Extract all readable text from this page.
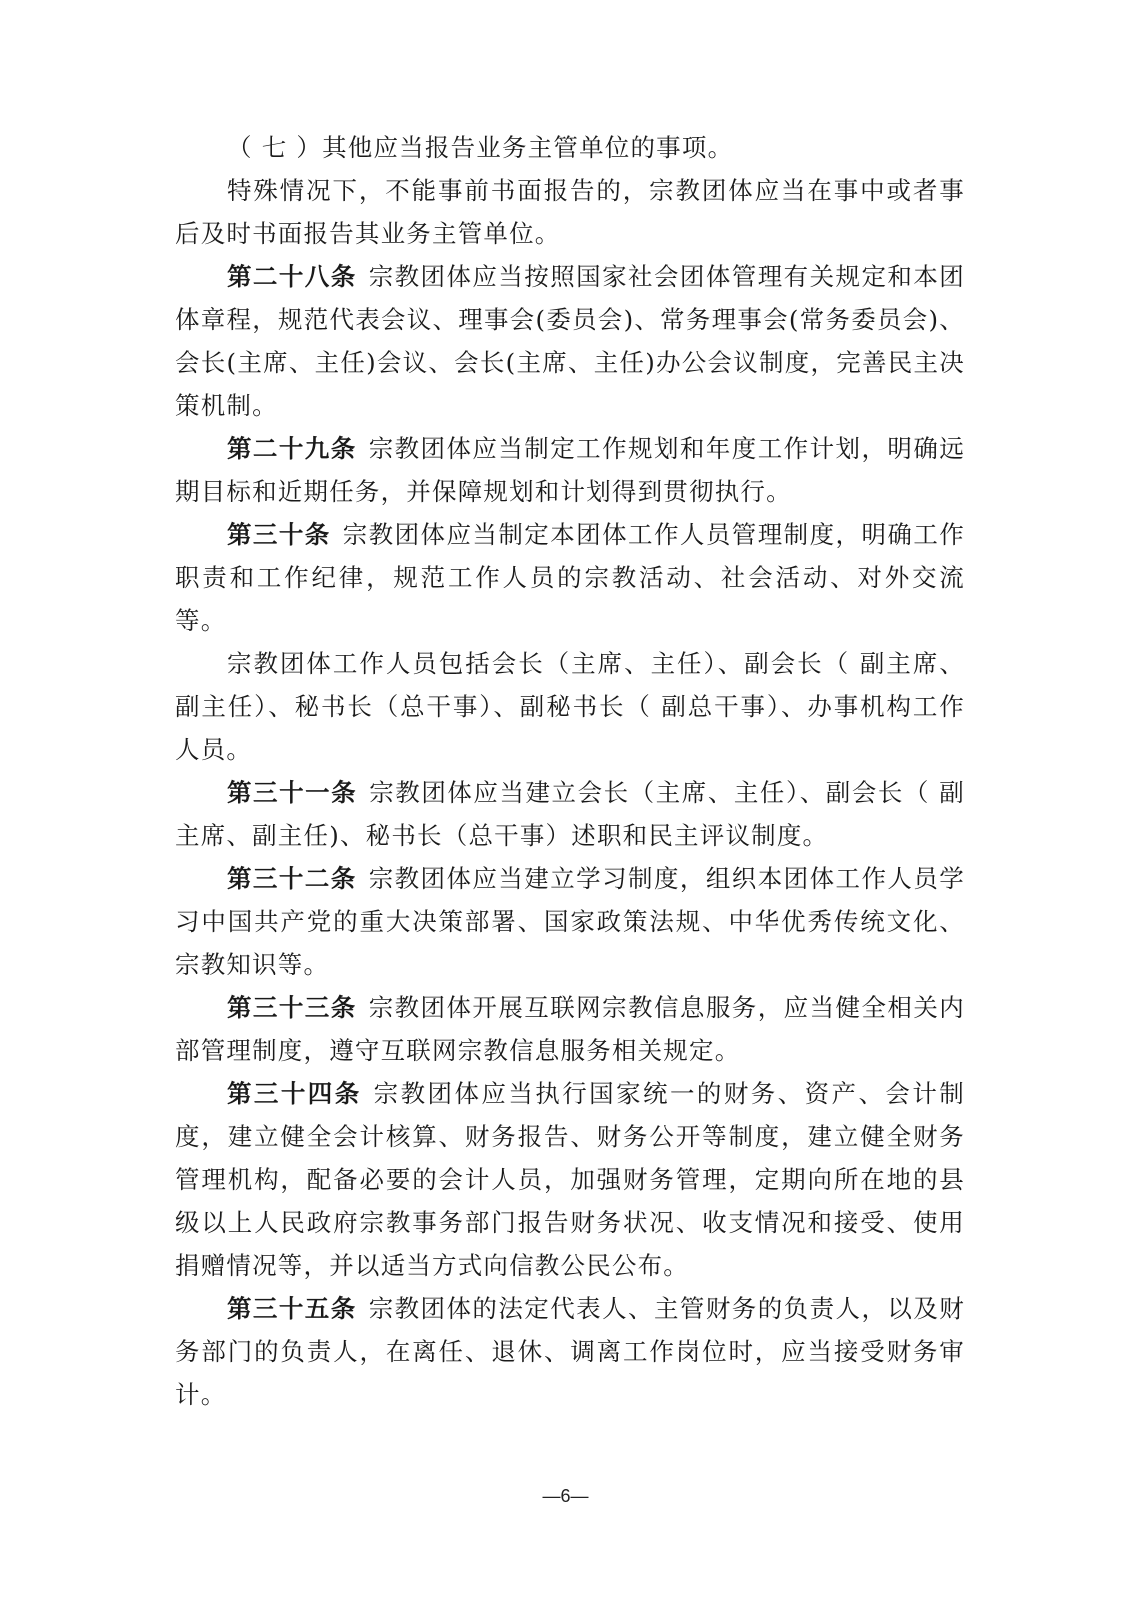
（ 七 ）其他应当报告业务主管单位的事项。

特殊情况下，不能事前书面报告的，宗教团体应当在事中或者事后及时书面报告其业务主管单位。

第二十八条 宗教团体应当按照国家社会团体管理有关规定和本团体章程，规范代表会议、理事会(委员会)、常务理事会(常务委员会)、 会长(主席、主任)会议、会长(主席、主任)办公会议制度，完善民主决策机制。

第二十九条 宗教团体应当制定工作规划和年度工作计划，明确远期目标和近期任务，并保障规划和计划得到贯彻执行。

第三十条 宗教团体应当制定本团体工作人员管理制度，明确工作职责和工作纪律，规范工作人员的宗教活动、社会活动、对外交流等。

宗教团体工作人员包括会长（主席、主任）、副会长（ 副主席、副主任）、秘书长（总干事）、副秘书长（ 副总干事）、办事机构工作人员。

第三十一条 宗教团体应当建立会长（主席、主任）、副会长（ 副主席、副主任)、秘书长（总干事）述职和民主评议制度。

第三十二条 宗教团体应当建立学习制度，组织本团体工作人员学习中国共产党的重大决策部署、国家政策法规、中华优秀传统文化、宗教知识等。

第三十三条 宗教团体开展互联网宗教信息服务，应当健全相关内部管理制度，遵守互联网宗教信息服务相关规定。

第三十四条 宗教团体应当执行国家统一的财务、资产、会计制度，建立健全会计核算、财务报告、财务公开等制度，建立健全财务管理机构，配备必要的会计人员，加强财务管理，定期向所在地的县级以上人民政府宗教事务部门报告财务状况、收支情况和接受、使用捐赠情况等，并以适当方式向信教公民公布。

第三十五条 宗教团体的法定代表人、主管财务的负责人，以及财务部门的负责人，在离任、退休、调离工作岗位时，应当接受财务审计。

—6—
